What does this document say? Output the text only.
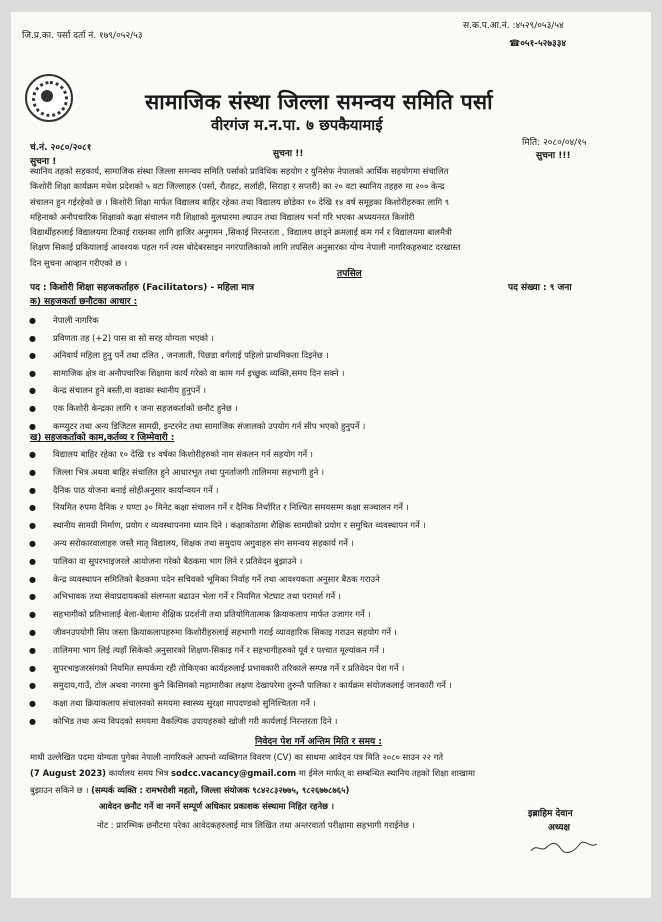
जि.प्र.का. पर्सा दर्ता नं. १७९/०५२/५३
स.क.प.आ.नं. :४५२९/०५३/५४
☎०५१-५२७३३४
सामाजिक संस्था जिल्ला समन्वय समिति पर्सा
वीरगंज म.न.पा. ७ छपकैयामाई
चं.नं. २०८०/२०८१
सुचना !!
मिति: २०८०/०४/१५
सुचना !
सुचना !!!
स्थानिय तहको सहकार्य, सामाजिक संस्था जिल्ला समन्वय समिति पर्साको प्राविधिक सहयोग र युनिसेफ नेपालको आर्थिक सहयोगमा संचालित
किशोरी शिक्षा कार्यक्रम मधेश प्रदेशको ५ वटा जिल्लाहरु (पर्सा, रौतहट, सर्लाही, सिराहा र सप्तरी) का २० वटा स्थानिय तहहरु मा २०० केन्द्र
संचालन हुन गईरहेको छ । किशोरी शिक्षा मार्फत विद्यालय बाहिर रहेका तथा विद्यालय छोडेका १० देखि १४ वर्ष समूहका किशोरीहरुका लागि ९
महिनाको अनौपचारिक शिक्षाको कक्षा संचालन गरी शिक्षाको मुलधारमा ल्याउन तथा विद्यालय भर्ना गरि भएका अध्ययनरत किशोरी
विद्यार्थीहरुलाई विद्यालयमा टिकाई राख्नका लागि हाजिर अनुगमन ,सिकाई निरन्तरता , विद्यालय छाड्ने क्रमलाई कम गर्न र विद्यालयमा बालमैत्री
शिक्षण सिकाई प्रकियालाई आवश्यक पहल गर्न त्यस बोदेबरसाइन नगरपालिकाको लागि तपसिल अनुसारका योग्य नेपाली नागरिकहरुबाट दरखास्त
दिन सुचना आव्हान गरीएको छ ।
तपसिल
पद : किशोरी शिक्षा सहजकर्ताहरु (Facilitators) - महिला मात्र	पद संख्या : ९ जना
क) सहजकर्ता छनौटका आधार :
● नेपाली नागरिक
● प्रविणता तह (+2) पास वा सो सरह योग्यता भएको ।
● अनिवार्य महिला हुनु पर्ने तथा दलित , जनजाती, पिछडा वर्गलाई पहिलो प्राथमिकता दिइनेछ ।
● सामाजिक क्षेत्र वा अनौपचारिक शिक्षामा कार्य गरेको वा काम गर्न इच्छुक व्यक्ति,समय दिन सक्ने ।
● केन्द्र संचालन हुने बस्ती,वा वडाका स्थानीय हुनुपर्ने ।
● एक किशोरी केन्द्रका लागि १ जना सहजकर्ताको छनौट हुनेछ ।
● कम्प्युटर तथा अन्य डिजिटल सामग्री, इन्टरनेट तथा सामाजिक संजालको उपयोग गर्न सीप भएको हुनुपर्ने ।
ख) सहजकर्ताको काम,कर्तव्य र जिम्मेवारी :
● विद्यालय बाहिर रहेका १० देखि १४ वर्षका किशोरीहरुको नाम संकलन गर्न सहयोग गर्ने ।
● जिल्ला भित्र अथवा बाहिर संचालित हुने आधारभूत तथा पुनर्ताजगी तालिममा सहभागी हुने ।
● दैनिक पाठ योजना बनाई सोहीअनुसार कार्यान्वयन गर्ने ।
● नियमित रुपमा दैनिक २ घण्टा ३० मिनेट कक्षा संचालन गर्ने र दैनिक निर्धारित र निश्चित समयसम्म कक्षा सञ्चालन गर्ने ।
● स्थानीय सामग्री निर्माण, प्रयोग र व्यवस्थापनमा ध्यान दिने । कक्षाकोठामा शैक्षिक सामग्रीको प्रयोग र समुचित व्यवस्थापन गर्ने ।
● अन्य सरोकारवालाहरु जस्तै मातृ विद्यालय, शिक्षक तथा समुदाय अगुवाहरु संग समन्वय सहकार्य गर्ने ।
● पालिका वा सुपरभाइजरले आयोजना गरेको बैठकमा भाग लिने र प्रतिवेदन बुझाउने ।
● केन्द्र व्यवस्थापन समितिको बैठकमा पदेन सचिवको भूमिका निर्वाह गर्ने तथा आवश्यकता अनुसार बैठक गराउने
● अभिभावक तथा सेवाप्रदायकको संलग्नता बढाउन भेला गर्ने र नियमित भेटघाट तथा परामर्श गर्ने ।
● सहभागीको प्रतिभालाई बेला-बेलामा शैक्षिक प्रदर्शनी तथा प्रतियोगितात्मक क्रियाकलाप मार्फत उजागर गर्ने ।
● जीवनउपयोगी सिप जस्ता क्रियाकलापहरुमा किशोरीहरुलाई सहभागी गराई व्यावहारिक सिकाइ गराउन सहयोग गर्ने ।
● तालिममा भाग लिई त्यहाँ सिकेको अनुसारको शिक्षण-सिकाइ गर्ने र सहभागीहरुको पूर्व र पश्चात मूल्यांकन गर्ने ।
● सुपरभाइजरसंगको नियमित सम्पर्कमा रही तोकिएका कार्यहरुलाई प्रभावकारी तरिकाले सम्पन्न गर्ने र प्रतिवेदन पेश गर्ने ।
● समुदाय,गाउँ, टोल अथवा नगरमा कुनै किसिमको महामारीका लक्षण देखापरेमा तुरुन्तै पालिका र कार्यक्रम संयोजकलाई जानकारी गर्ने ।
● कक्षा तथा क्रियाकलाप संचालनको समयमा स्वास्थ्य सुरक्षा मापदण्डको सुनिश्चितता गर्ने ।
● कोभिड तथा अन्य विपदको समयमा वैकल्पिक उपायहरुको खोजी गरी कार्यलाई निरन्तरता दिने ।
निवेदन पेश गर्ने अन्तिम मिति र समय :
माथी उल्लेखित पदमा योग्यता पुगेका नेपाली नागरिकले आफ्नो व्यक्तिगत विवरण (CV) का साथमा आवेदन पत्र मिति २०८० साउन २२ गते
(7 August 2023) कार्यालय समय भित्र sodcc.vacancy@gmail.com मा ईमेल मार्फत् वा सम्बन्धित स्थानिय तहको शिक्षा शाखामा
बुझाउन सकिने छ । (सम्पर्क व्यक्ति : रामभरोशी महतो, जिल्ला संयोजक ९८४२८३२७७५, ९८२६७७८७६५)
आवेदन छनौट गर्ने वा नगर्ने सम्पूर्ण अधिकार प्रकाशक संस्थामा निहित रहनेछ ।
इब्राहिम देवान
अध्यक्ष
नोट : प्रारम्भिक छनौटमा परेका आवेदकहरुलाई मात्र लिखित तथा अन्तरवार्ता परीक्षामा सहभागी गराईनेछ ।
